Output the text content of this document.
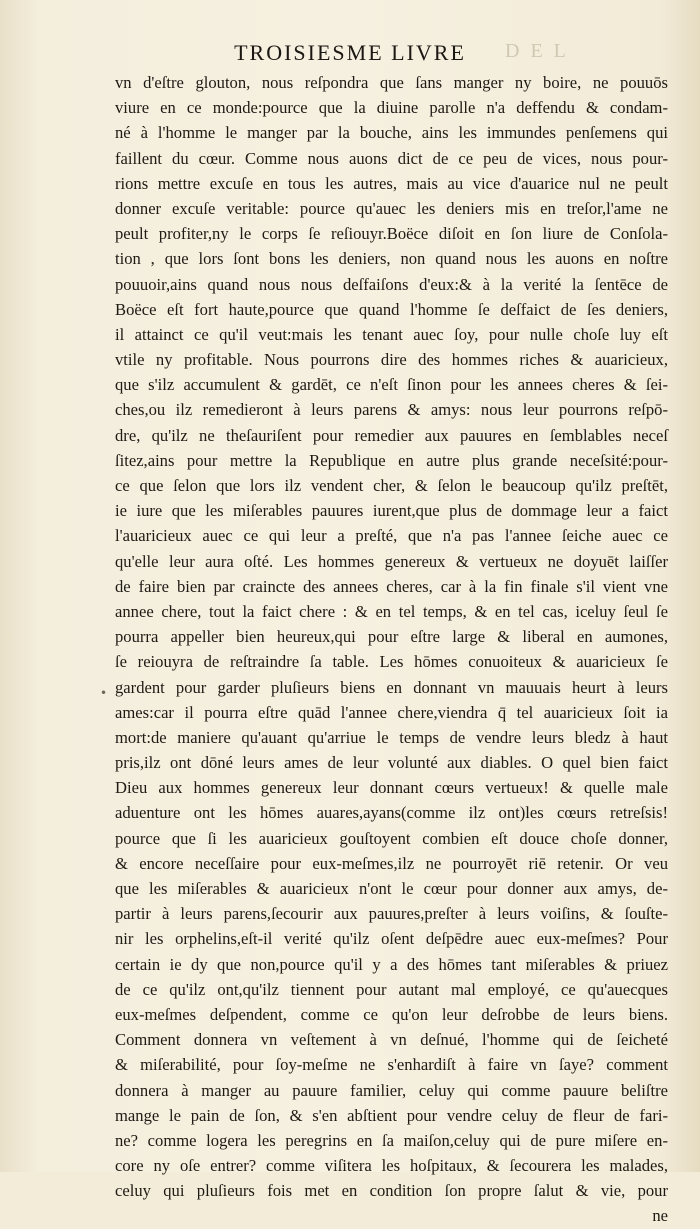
D E L
TROISIESME LIVRE
•
vn d'eſtre glouton, nous reſpondra que ſans manger ny boire, ne pouuōs
viure en ce monde:pource que la diuine parolle n'a deffendu & condam-
né à l'homme le manger par la bouche, ains les immundes penſemens qui
faillent du cœur. Comme nous auons dict de ce peu de vices, nous pour-
rions mettre excuſe en tous les autres, mais au vice d'auarice nul ne peult
donner excuſe veritable: pource qu'auec les deniers mis en treſor,l'ame ne
peult profiter,ny le corps ſe reſiouyr.Boëce diſoit en ſon liure de Conſola-
tion , que lors ſont bons les deniers, non quand nous les auons en noſtre
pouuoir,ains quand nous nous deſfaiſons d'eux:& à la verité la ſentēce de
Boëce eſt fort haute,pource que quand l'homme ſe deſfaict de ſes deniers,
il attainct ce qu'il veut:mais les tenant auec ſoy, pour nulle choſe luy eſt
vtile ny profitable. Nous pourrons dire des hommes riches & auaricieux,
que s'ilz accumulent & gardēt, ce n'eſt ſinon pour les annees cheres & ſei-
ches,ou ilz remedieront à leurs parens & amys: nous leur pourrons reſpō-
dre, qu'ilz ne theſauriſent pour remedier aux pauures en ſemblables neceſ
ſitez,ains pour mettre la Republique en autre plus grande neceſsité:pour-
ce que ſelon que lors ilz vendent cher, & ſelon le beaucoup qu'ilz preſtēt,
ie iure que les miſerables pauures iurent,que plus de dommage leur a faict
l'auaricieux auec ce qui leur a preſté, que n'a pas l'annee ſeiche auec ce
qu'elle leur aura oſté. Les hommes genereux & vertueux ne doyuēt laiſſer
de faire bien par craincte des annees cheres, car à la fin finale s'il vient vne
annee chere, tout la faict chere : & en tel temps, & en tel cas, iceluy ſeul ſe
pourra appeller bien heureux,qui pour eſtre large & liberal en aumones,
ſe reiouyra de reſtraindre ſa table. Les hōmes conuoiteux & auaricieux ſe
gardent pour garder pluſieurs biens en donnant vn mauuais heurt à leurs
ames:car il pourra eſtre quād l'annee chere,viendra q̄ tel auaricieux ſoit ia
mort:de maniere qu'auant qu'arriue le temps de vendre leurs bledz à haut
pris,ilz ont dōné leurs ames de leur volunté aux diables. O quel bien faict
Dieu aux hommes genereux leur donnant cœurs vertueux! & quelle male
aduenture ont les hōmes auares,ayans(comme ilz ont)les cœurs retreſsis!
pource que ſi les auaricieux gouſtoyent combien eſt douce choſe donner,
& encore neceſſaire pour eux-meſmes,ilz ne pourroyēt riē retenir. Or veu
que les miſerables & auaricieux n'ont le cœur pour donner aux amys, de-
partir à leurs parens,ſecourir aux pauures,preſter à leurs voiſins, & ſouſte-
nir les orphelins,eſt-il verité qu'ilz oſent deſpēdre auec eux-meſmes? Pour
certain ie dy que non,pource qu'il y a des hōmes tant miſerables & priuez
de ce qu'ilz ont,qu'ilz tiennent pour autant mal employé, ce qu'auecques
eux-meſmes deſpendent, comme ce qu'on leur deſrobbe de leurs biens.
Comment donnera vn veſtement à vn deſnué, l'homme qui de ſeicheté
& miſerabilité, pour ſoy-meſme ne s'enhardiſt à faire vn ſaye? comment
donnera à manger au pauure familier, celuy qui comme pauure beliſtre
mange le pain de ſon, & s'en abſtient pour vendre celuy de fleur de fari-
ne? comme logera les peregrins en ſa maiſon,celuy qui de pure miſere en-
core ny oſe entrer? comme viſitera les hoſpitaux, & ſecourera les malades,
celuy qui pluſieurs fois met en condition ſon propre ſalut & vie, pour
ne
